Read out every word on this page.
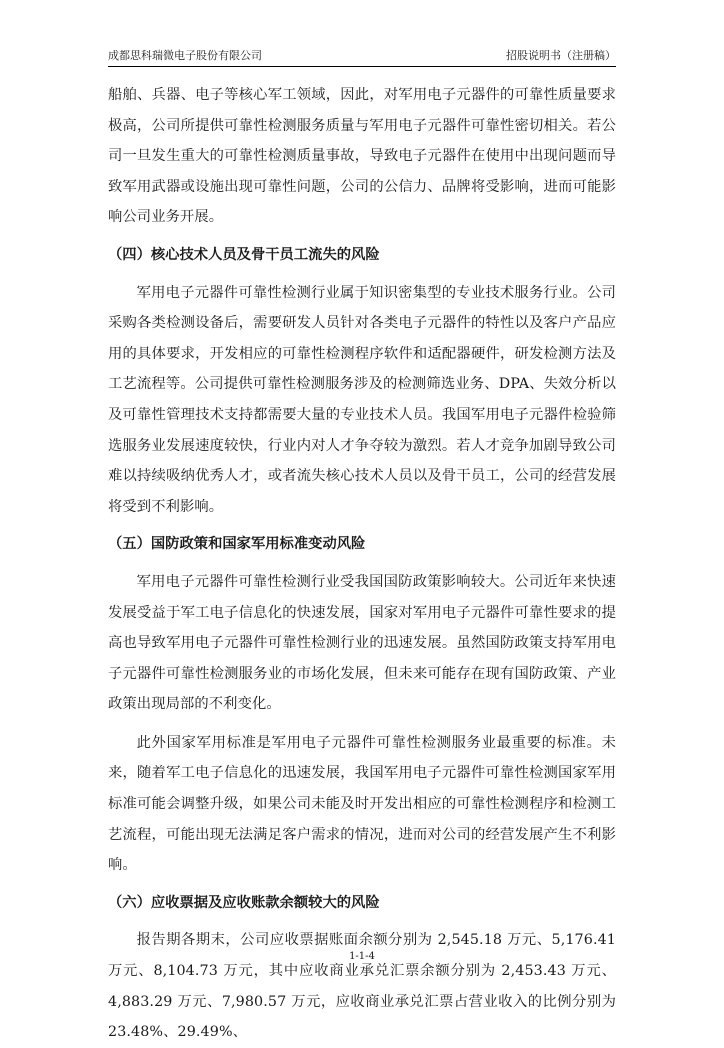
成都思科瑞微电子股份有限公司	招股说明书（注册稿）

船舶、兵器、电子等核心军工领域，因此，对军用电子元器件的可靠性质量要求极高，公司所提供可靠性检测服务质量与军用电子元器件可靠性密切相关。若公司一旦发生重大的可靠性检测质量事故，导致电子元器件在使用中出现问题而导致军用武器或设施出现可靠性问题，公司的公信力、品牌将受影响，进而可能影响公司业务开展。

（四）核心技术人员及骨干员工流失的风险

军用电子元器件可靠性检测行业属于知识密集型的专业技术服务行业。公司采购各类检测设备后，需要研发人员针对各类电子元器件的特性以及客户产品应用的具体要求，开发相应的可靠性检测程序软件和适配器硬件，研发检测方法及工艺流程等。公司提供可靠性检测服务涉及的检测筛选业务、DPA、失效分析以及可靠性管理技术支持都需要大量的专业技术人员。我国军用电子元器件检验筛选服务业发展速度较快，行业内对人才争夺较为激烈。若人才竞争加剧导致公司难以持续吸纳优秀人才，或者流失核心技术人员以及骨干员工，公司的经营发展将受到不利影响。

（五）国防政策和国家军用标准变动风险

军用电子元器件可靠性检测行业受我国国防政策影响较大。公司近年来快速发展受益于军工电子信息化的快速发展，国家对军用电子元器件可靠性要求的提高也导致军用电子元器件可靠性检测行业的迅速发展。虽然国防政策支持军用电子元器件可靠性检测服务业的市场化发展，但未来可能存在现有国防政策、产业政策出现局部的不利变化。

此外国家军用标准是军用电子元器件可靠性检测服务业最重要的标准。未来，随着军工电子信息化的迅速发展，我国军用电子元器件可靠性检测国家军用标准可能会调整升级，如果公司未能及时开发出相应的可靠性检测程序和检测工艺流程，可能出现无法满足客户需求的情况，进而对公司的经营发展产生不利影响。

（六）应收票据及应收账款余额较大的风险

报告期各期末，公司应收票据账面余额分别为 2,545.18 万元、5,176.41 万元、8,104.73 万元，其中应收商业承兑汇票余额分别为 2,453.43 万元、4,883.29 万元、7,980.57 万元，应收商业承兑汇票占营业收入的比例分别为 23.48%、29.49%、

1-1-4
